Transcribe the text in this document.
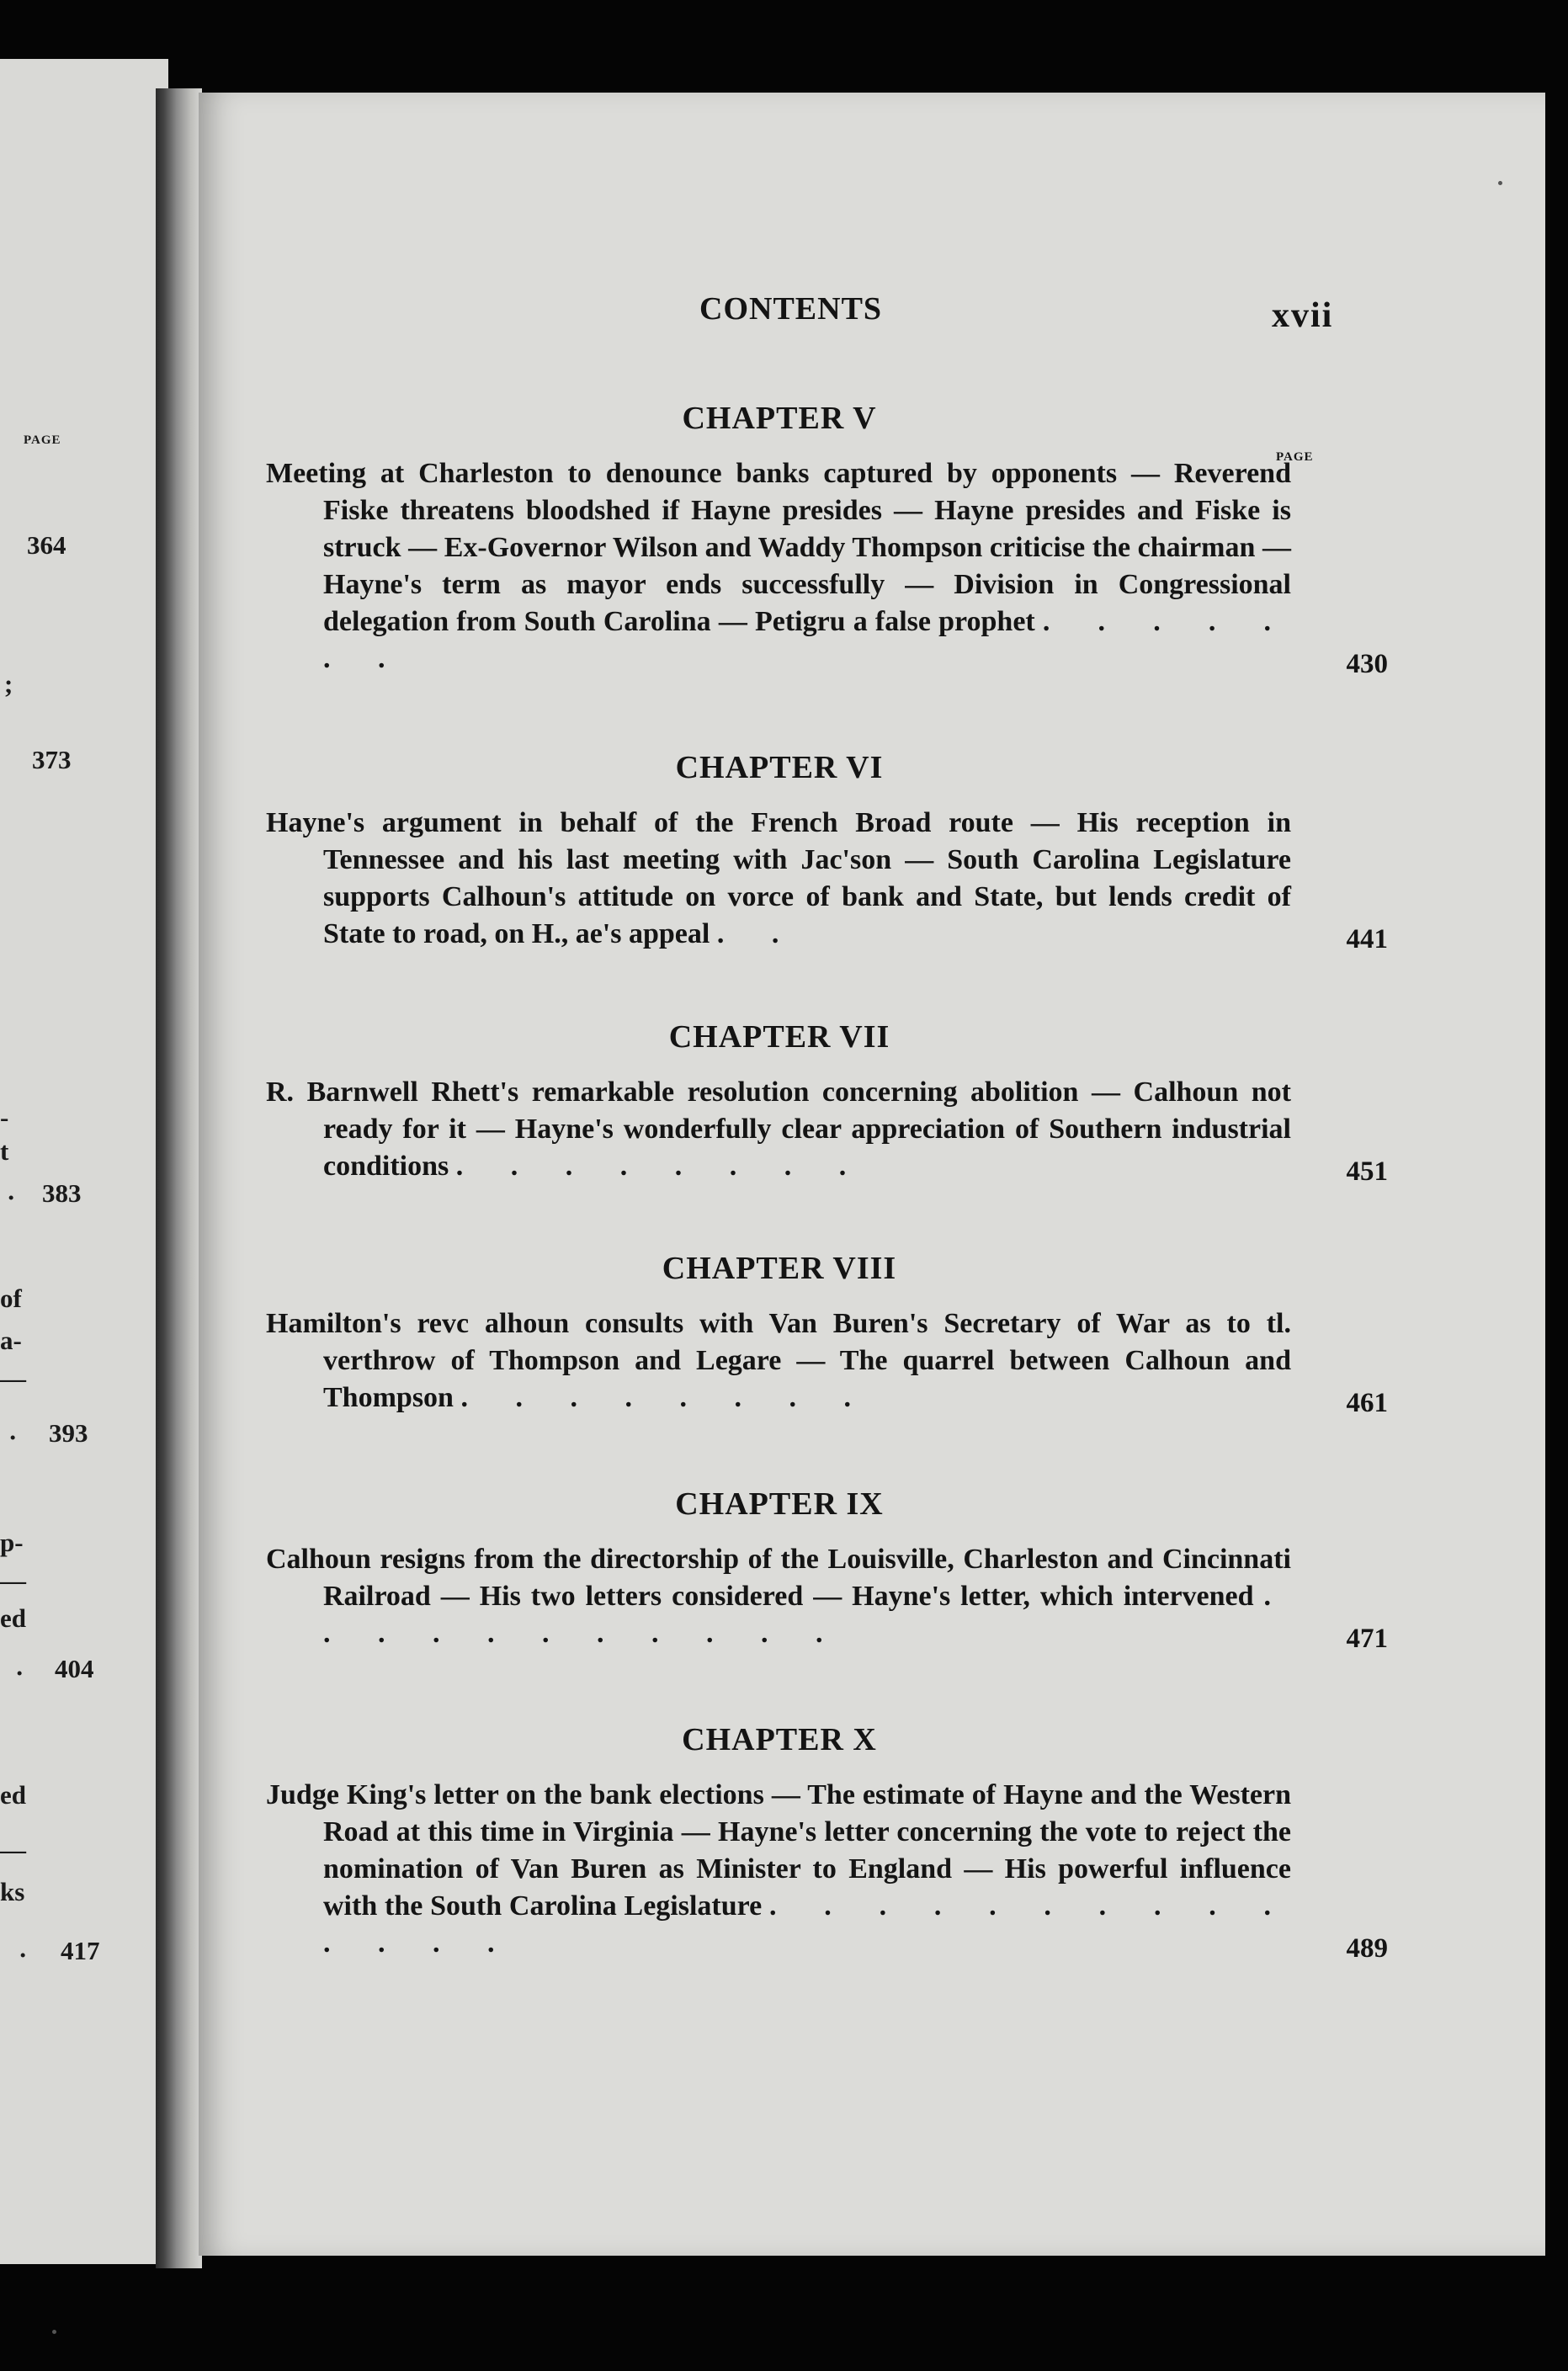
PAGE
364
;
373
-
t
· 383
of
a-
—
· 393
p-
—
ed
· 404
ed
—
ks
· 417
CONTENTS	xvii
PAGE
CHAPTER V
Meeting at Charleston to denounce banks captured by opponents — Reverend Fiske threatens bloodshed if Hayne presides — Hayne presides and Fiske is struck — Ex-Governor Wilson and Waddy Thompson criticise the chairman — Hayne's term as mayor ends successfully — Division in Congressional delegation from South Carolina — Petigru a false prophet . . . . . . .	430
CHAPTER VI
Hayne's argument in behalf of the French Broad route — His reception in Tennessee and his last meeting with Jac'son — South Carolina Legislature supports Calhoun's attitude on vorce of bank and State, but lends credit of State to road, on H., ae's appeal . .	441
CHAPTER VII
R. Barnwell Rhett's remarkable resolution concerning abolition — Calhoun not ready for it — Hayne's wonderfully clear appreciation of Southern industrial conditions . . . . . . . .	451
CHAPTER VIII
Hamilton's revc alhoun consults with Van Buren's Secretary of War as to tl. verthrow of Thompson and Legare — The quarrel between Calhoun and Thompson . . . . . . . .	461
CHAPTER IX
Calhoun resigns from the directorship of the Louisville, Charleston and Cincinnati Railroad — His two letters considered — Hayne's letter, which intervened . . . . . . . . . . .	471
CHAPTER X
Judge King's letter on the bank elections — The estimate of Hayne and the Western Road at this time in Virginia — Hayne's letter concerning the vote to reject the nomination of Van Buren as Minister to England — His powerful influence with the South Carolina Legislature . . . . . . . . . . . . . .	489
